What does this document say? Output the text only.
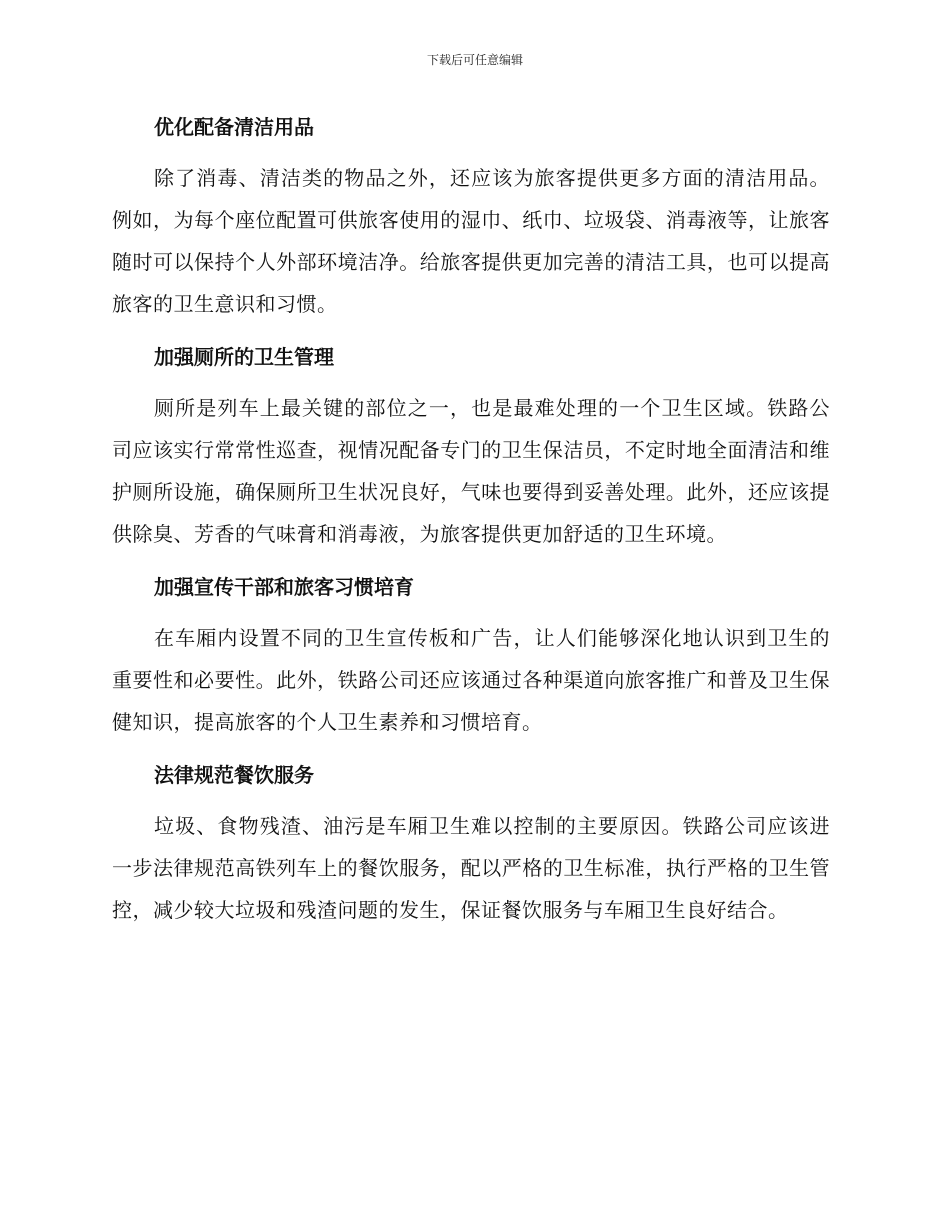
下载后可任意编辑
优化配备清洁用品

除了消毒、清洁类的物品之外，还应该为旅客提供更多方面的清洁用品。例如，为每个座位配置可供旅客使用的湿巾、纸巾、垃圾袋、消毒液等，让旅客随时可以保持个人外部环境洁净。给旅客提供更加完善的清洁工具，也可以提高旅客的卫生意识和习惯。

加强厕所的卫生管理

厕所是列车上最关键的部位之一，也是最难处理的一个卫生区域。铁路公司应该实行常常性巡查，视情况配备专门的卫生保洁员，不定时地全面清洁和维护厕所设施，确保厕所卫生状况良好，气味也要得到妥善处理。此外，还应该提供除臭、芳香的气味膏和消毒液，为旅客提供更加舒适的卫生环境。

加强宣传干部和旅客习惯培育

在车厢内设置不同的卫生宣传板和广告，让人们能够深化地认识到卫生的重要性和必要性。此外，铁路公司还应该通过各种渠道向旅客推广和普及卫生保健知识，提高旅客的个人卫生素养和习惯培育。

法律规范餐饮服务

垃圾、食物残渣、油污是车厢卫生难以控制的主要原因。铁路公司应该进一步法律规范高铁列车上的餐饮服务，配以严格的卫生标准，执行严格的卫生管控，减少较大垃圾和残渣问题的发生，保证餐饮服务与车厢卫生良好结合。
